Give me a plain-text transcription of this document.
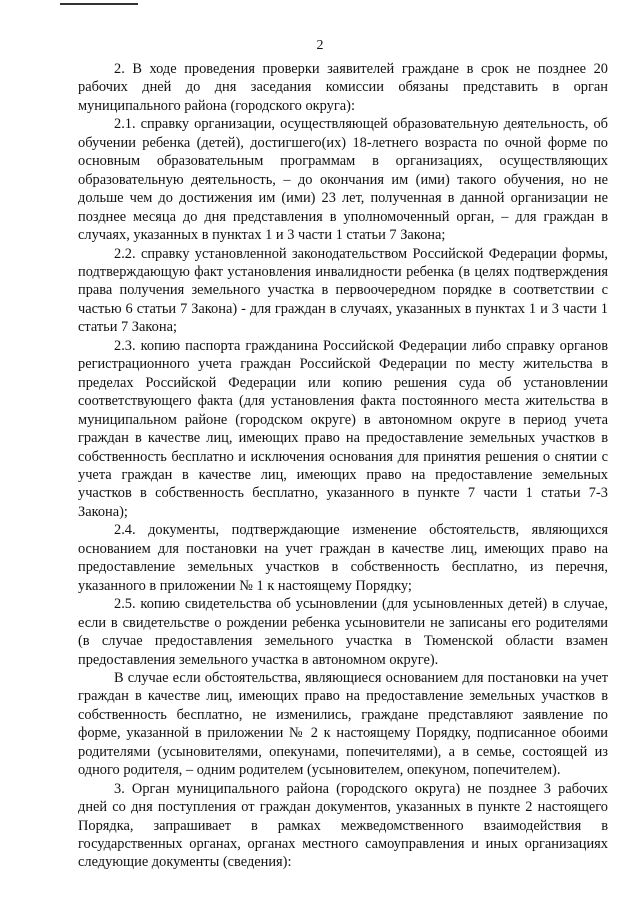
2

2. В ходе проведения проверки заявителей граждане в срок не позднее 20 рабочих дней до дня заседания комиссии обязаны представить в орган муниципального района (городского округа):

2.1. справку организации, осуществляющей образовательную деятельность, об обучении ребенка (детей), достигшего(их) 18-летнего возраста по очной форме по основным образовательным программам в организациях, осуществляющих образовательную деятельность, – до окончания им (ими) такого обучения, но не дольше чем до достижения им (ими) 23 лет, полученная в данной организации не позднее месяца до дня представления в уполномоченный орган, – для граждан в случаях, указанных в пунктах 1 и 3 части 1 статьи 7 Закона;

2.2. справку установленной законодательством Российской Федерации формы, подтверждающую факт установления инвалидности ребенка (в целях подтверждения права получения земельного участка в первоочередном порядке в соответствии с частью 6 статьи 7 Закона) - для граждан в случаях, указанных в пунктах 1 и 3 части 1 статьи 7 Закона;

2.3. копию паспорта гражданина Российской Федерации либо справку органов регистрационного учета граждан Российской Федерации по месту жительства в пределах Российской Федерации или копию решения суда об установлении соответствующего факта (для установления факта постоянного места жительства в муниципальном районе (городском округе) в автономном округе в период учета граждан в качестве лиц, имеющих право на предоставление земельных участков в собственность бесплатно и исключения основания для принятия решения о снятии с учета граждан в качестве лиц, имеющих право на предоставление земельных участков в собственность бесплатно, указанного в пункте 7 части 1 статьи 7-3 Закона);

2.4. документы, подтверждающие изменение обстоятельств, являющихся основанием для постановки на учет граждан в качестве лиц, имеющих право на предоставление земельных участков в собственность бесплатно, из перечня, указанного в приложении № 1 к настоящему Порядку;

2.5. копию свидетельства об усыновлении (для усыновленных детей) в случае, если в свидетельстве о рождении ребенка усыновители не записаны его родителями (в случае предоставления земельного участка в Тюменской области взамен предоставления земельного участка в автономном округе).

В случае если обстоятельства, являющиеся основанием для постановки на учет граждан в качестве лиц, имеющих право на предоставление земельных участков в собственность бесплатно, не изменились, граждане представляют заявление по форме, указанной в приложении № 2 к настоящему Порядку, подписанное обоими родителями (усыновителями, опекунами, попечителями), а в семье, состоящей из одного родителя, – одним родителем (усыновителем, опекуном, попечителем).

3. Орган муниципального района (городского округа) не позднее 3 рабочих дней со дня поступления от граждан документов, указанных в пункте 2 настоящего Порядка, запрашивает в рамках межведомственного взаимодействия в государственных органах, органах местного самоуправления и иных организациях следующие документы (сведения):
